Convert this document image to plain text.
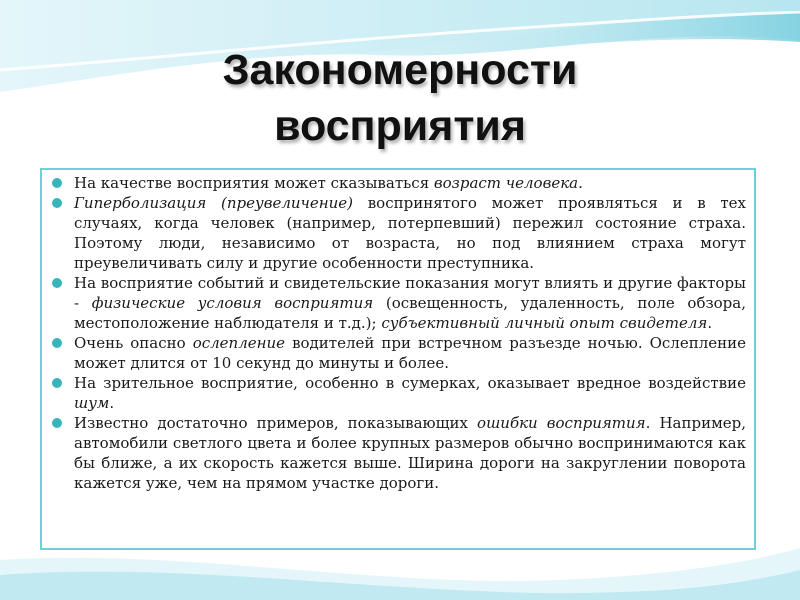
Закономерности
восприятия
На качестве восприятия может сказываться возраст человека.
Гиперболизация (преувеличение) воспринятого может проявляться и в тех случаях, когда человек (например, потерпевший) пережил состояние страха. Поэтому люди, независимо от возраста, но под влиянием страха могут преувеличивать силу и другие особенности преступника.
На восприятие событий и свидетельские показания могут влиять и другие факторы - физические условия восприятия (освещенность, удаленность, поле обзора, местоположение наблюдателя и т.д.); субъективный личный опыт свидетеля.
Очень опасно ослепление водителей при встречном разъезде ночью. Ослепление может длится от 10 секунд до минуты и более.
На зрительное восприятие, особенно в сумерках, оказывает вредное воздействие шум.
Известно достаточно примеров, показывающих ошибки восприятия. Например, автомобили светлого цвета и более крупных размеров обычно воспринимаются как бы ближе, а их скорость кажется выше. Ширина дороги на закруглении поворота кажется уже, чем на прямом участке дороги.
